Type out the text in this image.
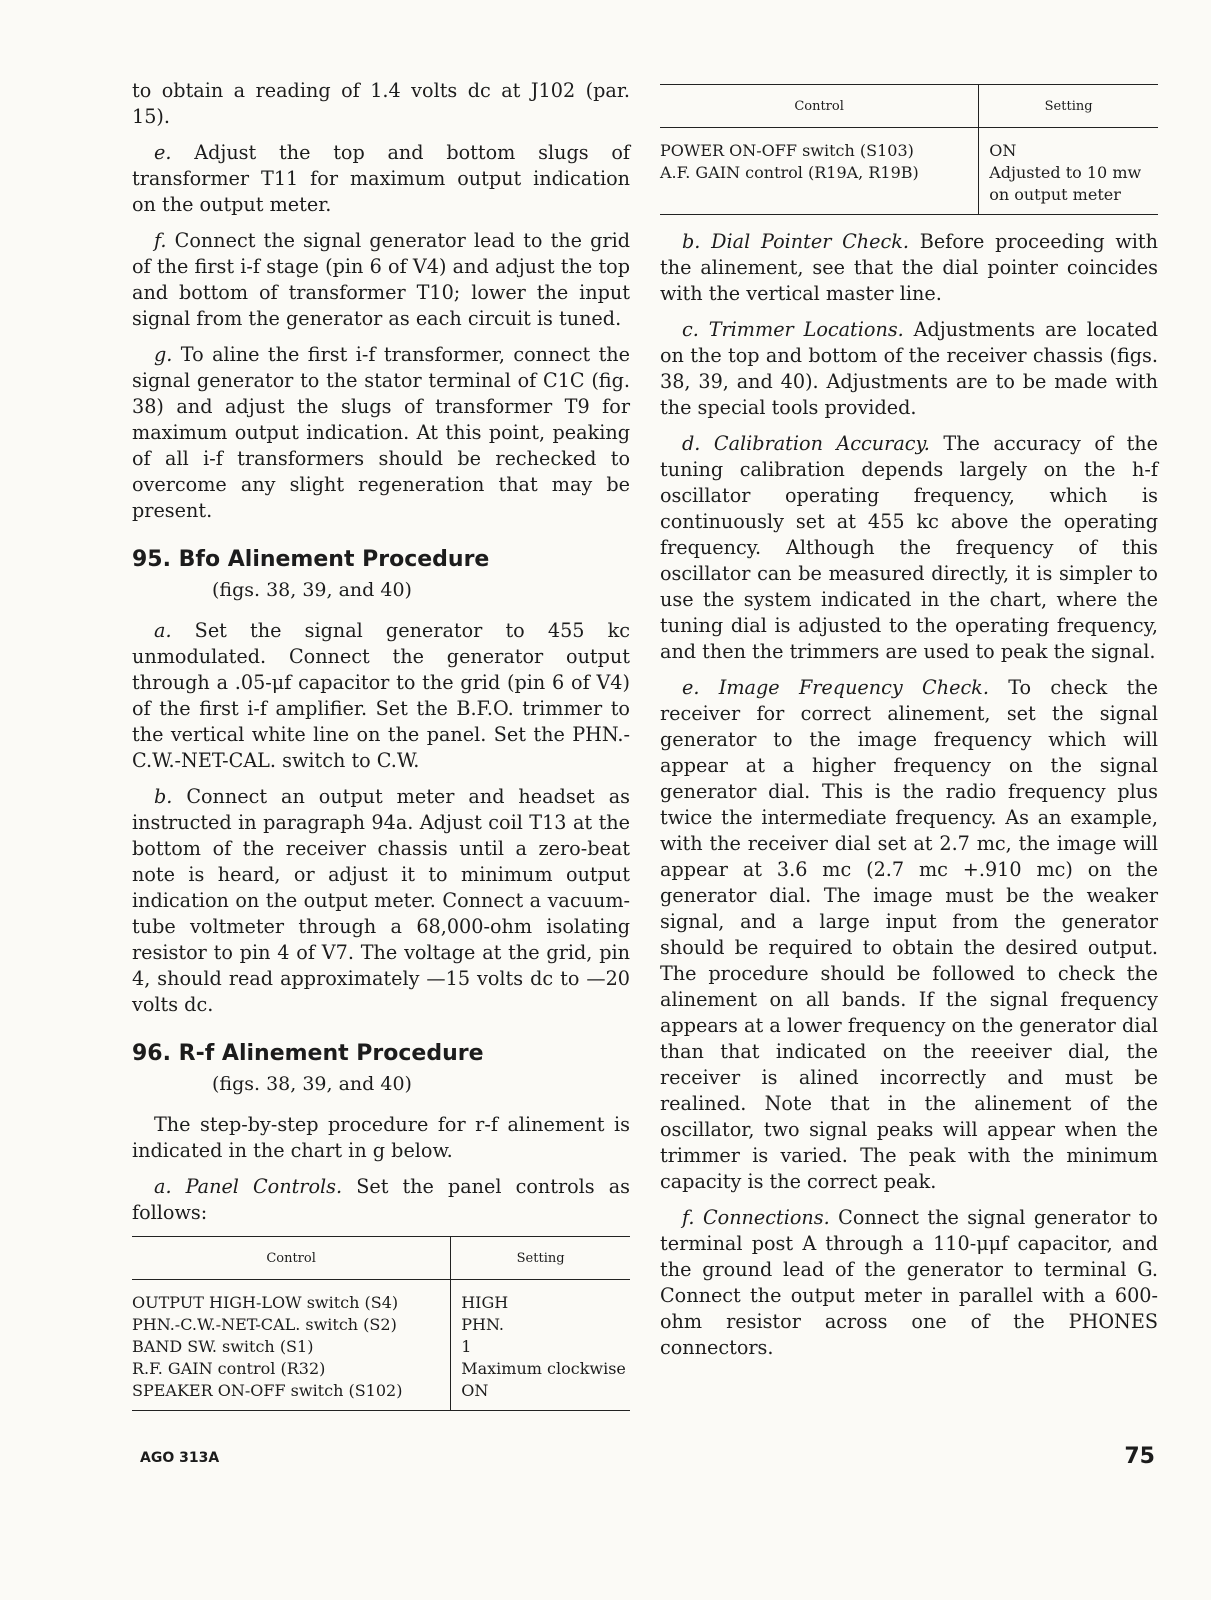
to obtain a reading of 1.4 volts dc at J102 (par. 15).

e. Adjust the top and bottom slugs of transformer T11 for maximum output indication on the output meter.

f. Connect the signal generator lead to the grid of the first i-f stage (pin 6 of V4) and adjust the top and bottom of transformer T10; lower the input signal from the generator as each circuit is tuned.

g. To aline the first i-f transformer, connect the signal generator to the stator terminal of C1C (fig. 38) and adjust the slugs of transformer T9 for maximum output indication. At this point, peaking of all i-f transformers should be rechecked to overcome any slight regeneration that may be present.

95. Bfo Alinement Procedure
(figs. 38, 39, and 40)

a. Set the signal generator to 455 kc unmodulated. Connect the generator output through a .05-μf capacitor to the grid (pin 6 of V4) of the first i-f amplifier. Set the B.F.O. trimmer to the vertical white line on the panel. Set the PHN.-C.W.-NET-CAL. switch to C.W.

b. Connect an output meter and headset as instructed in paragraph 94a. Adjust coil T13 at the bottom of the receiver chassis until a zero-beat note is heard, or adjust it to minimum output indication on the output meter. Connect a vacuum-tube voltmeter through a 68,000-ohm isolating resistor to pin 4 of V7. The voltage at the grid, pin 4, should read approximately —15 volts dc to —20 volts dc.

96. R-f Alinement Procedure
(figs. 38, 39, and 40)

The step-by-step procedure for r-f alinement is indicated in the chart in g below.

a. Panel Controls. Set the panel controls as follows:

Control	Setting
OUTPUT HIGH-LOW switch (S4)	HIGH
PHN.-C.W.-NET-CAL. switch (S2)	PHN.
BAND SW. switch (S1)	1
R.F. GAIN control (R32)	Maximum clockwise
SPEAKER ON-OFF switch (S102)	ON
Control	Setting
POWER ON-OFF switch (S103)	ON
A.F. GAIN control (R19A, R19B)	Adjusted to 10 mw on output meter

b. Dial Pointer Check. Before proceeding with the alinement, see that the dial pointer coincides with the vertical master line.

c. Trimmer Locations. Adjustments are located on the top and bottom of the receiver chassis (figs. 38, 39, and 40). Adjustments are to be made with the special tools provided.

d. Calibration Accuracy. The accuracy of the tuning calibration depends largely on the h-f oscillator operating frequency, which is continuously set at 455 kc above the operating frequency. Although the frequency of this oscillator can be measured directly, it is simpler to use the system indicated in the chart, where the tuning dial is adjusted to the operating frequency, and then the trimmers are used to peak the signal.

e. Image Frequency Check. To check the receiver for correct alinement, set the signal generator to the image frequency which will appear at a higher frequency on the signal generator dial. This is the radio frequency plus twice the intermediate frequency. As an example, with the receiver dial set at 2.7 mc, the image will appear at 3.6 mc (2.7 mc +.910 mc) on the generator dial. The image must be the weaker signal, and a large input from the generator should be required to obtain the desired output. The procedure should be followed to check the alinement on all bands. If the signal frequency appears at a lower frequency on the generator dial than that indicated on the reeeiver dial, the receiver is alined incorrectly and must be realined. Note that in the alinement of the oscillator, two signal peaks will appear when the trimmer is varied. The peak with the minimum capacity is the correct peak.

f. Connections. Connect the signal generator to terminal post A through a 110-μμf capacitor, and the ground lead of the generator to terminal G. Connect the output meter in parallel with a 600-ohm resistor across one of the PHONES connectors.

AGO 313A	75
